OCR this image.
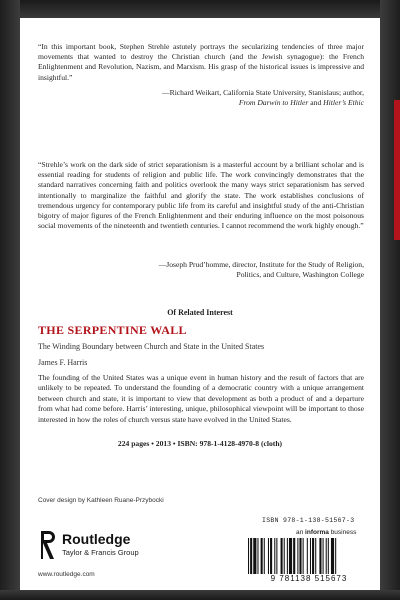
“In this important book, Stephen Strehle astutely portrays the secularizing tendencies of three major movements that wanted to destroy the Christian church (and the Jewish synagogue): the French Enlightenment and Revolution, Nazism, and Marxism. His grasp of the historical issues is impressive and insightful.”
—Richard Weikart, California State University, Stanislaus; author,
From Darwin to Hitler and Hitler’s Ethic
“Strehle’s work on the dark side of strict separationism is a masterful account by a brilliant scholar and is essential reading for students of religion and public life. The work convincingly demonstrates that the standard narratives concerning faith and politics overlook the many ways strict separationism has served intentionally to marginalize the faithful and glorify the state. The work establishes conclusions of tremendous urgency for contemporary public life from its careful and insightful study of the anti-Christian bigotry of major figures of the French Enlightenment and their enduring influence on the most poisonous social movements of the nineteenth and twentieth centuries. I cannot recommend the work highly enough.”
—Joseph Prud’homme, director, Institute for the Study of Religion,
Politics, and Culture, Washington College
Of Related Interest
THE SERPENTINE WALL
The Winding Boundary between Church and State in the United States
James F. Harris
The founding of the United States was a unique event in human history and the result of factors that are unlikely to be repeated. To understand the founding of a democratic country with a unique arrangement between church and state, it is important to view that development as both a product of and a departure from what had come before. Harris’ interesting, unique, philosophical viewpoint will be important to those interested in how the roles of church versus state have evolved in the United States.
224 pages • 2013 • ISBN: 978-1-4128-4970-8 (cloth)
Cover design by Kathleen Ruane-Przybocki
Routledge
Taylor & Francis Group
www.routledge.com
ISBN 978-1-138-51567-3
an informa business
9 781138 515673
